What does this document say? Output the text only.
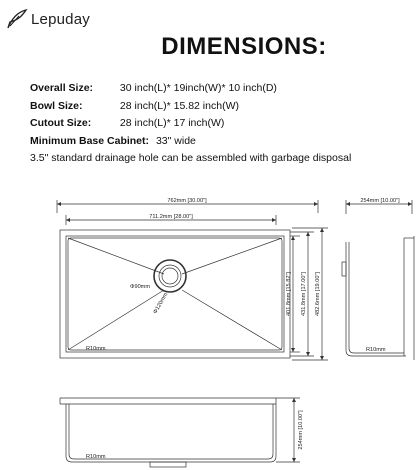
Lepuday
DIMENSIONS:
Overall Size:	30 inch(L)* 19inch(W)* 10 inch(D)
Bowl Size:	28 inch(L)* 15.82 inch(W)
Cutout Size:	28 inch(L)* 17 inch(W)
Minimum Base Cabinet: 33" wide
3.5" standard drainage hole can be assembled with garbage disposal
762mm [30.00"]
711.2mm [28.00"]
Φ90mm
Φ120mm
R10mm
401.8mm [15.82"] 431.8mm [17.00"] 482.6mm [19.00"]
254mm [10.00"]
R10mm
254mm [10.00"]
R10mm
